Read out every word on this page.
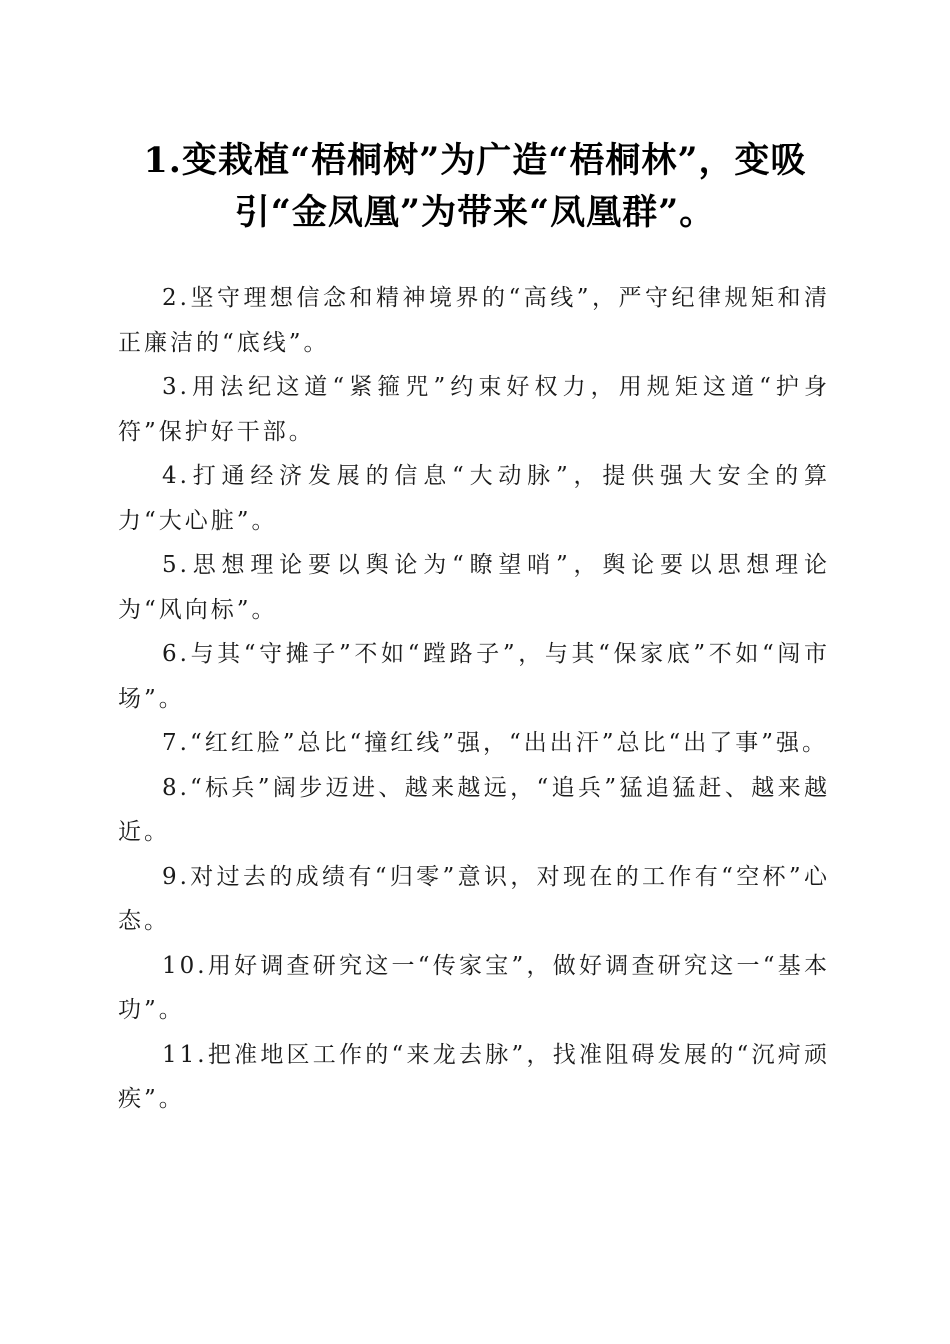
1.变栽植“梧桐树”为广造“梧桐林”，变吸
引“金凤凰”为带来“凤凰群”。
2.坚守理想信念和精神境界的“高线”，严守纪律规矩和清正廉洁的“底线”。
3.用法纪这道“紧箍咒”约束好权力，用规矩这道“护身符”保护好干部。
4.打通经济发展的信息“大动脉”，提供强大安全的算力“大心脏”。
5.思想理论要以舆论为“瞭望哨”，舆论要以思想理论为“风向标”。
6.与其“守摊子”不如“蹚路子”，与其“保家底”不如“闯市场”。
7.“红红脸”总比“撞红线”强，“出出汗”总比“出了事”强。
8.“标兵”阔步迈进、越来越远，“追兵”猛追猛赶、越来越近。
9.对过去的成绩有“归零”意识，对现在的工作有“空杯”心态。
10.用好调查研究这一“传家宝”，做好调查研究这一“基本功”。
11.把准地区工作的“来龙去脉”，找准阻碍发展的“沉疴顽疾”。
